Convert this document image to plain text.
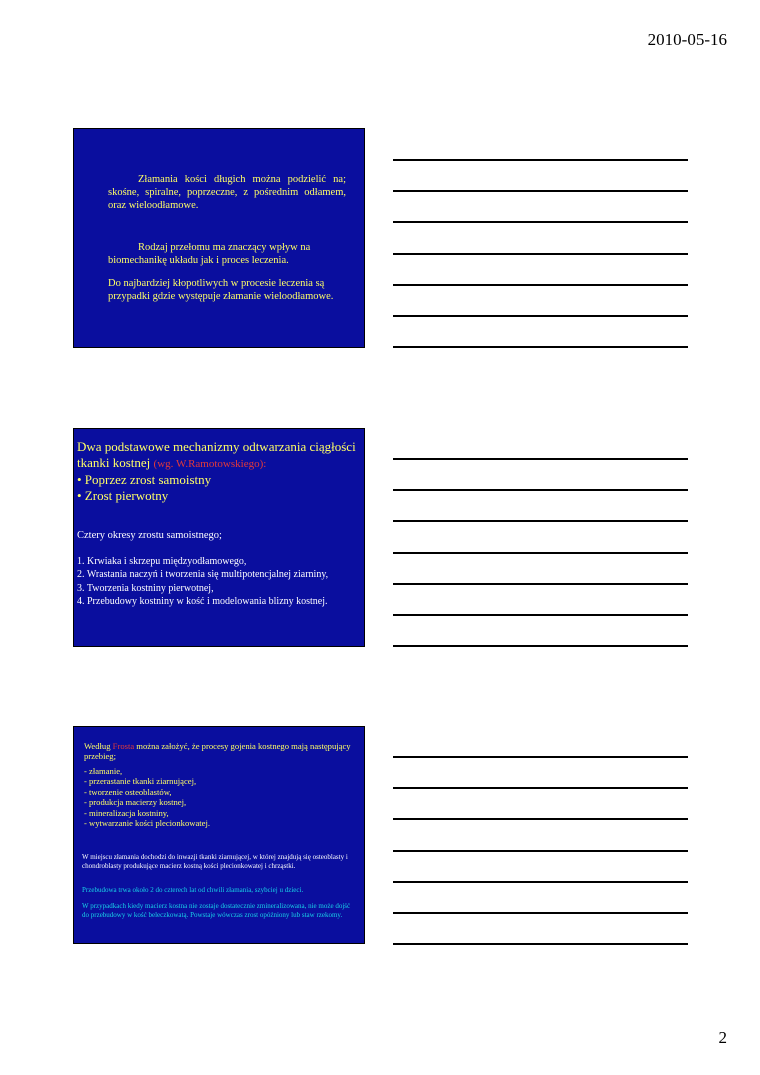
2010-05-16

Złamania kości długich można podzielić na; skośne, spiralne, poprzeczne, z pośrednim odłamem, oraz wieloodłamowe.

Rodzaj przełomu ma znaczący wpływ na biomechanikę układu jak i proces leczenia.

Do najbardziej kłopotliwych w procesie leczenia są przypadki gdzie występuje złamanie wieloodłamowe.

Dwa podstawowe mechanizmy odtwarzania ciągłości tkanki kostnej (wg. W.Ramotowskiego):

• Poprzez zrost samoistny

• Zrost pierwotny

Cztery okresy zrostu samoistnego;

1. Krwiaka i skrzepu międzyodłamowego,
2. Wrastania naczyń i tworzenia się multipotencjalnej ziarniny,
3. Tworzenia kostniny pierwotnej,
4. Przebudowy kostniny w kość i modelowania blizny kostnej.

Według Frosta można założyć, że procesy gojenia kostnego mają następujący przebieg;

- złamanie,
- przerastanie tkanki ziarnującej,
- tworzenie osteoblastów,
- produkcja macierzy kostnej,
- mineralizacja kostniny,
- wytwarzanie kości plecionkowatej.

W miejscu złamania dochodzi do inwazji tkanki ziarnującej, w której znajdują się osteoblasty i chondroblasty produkujące macierz kostną kości plecionkowatej i chrząstki.

Przebudowa trwa około 2 do czterech lat od chwili złamania, szybciej u dzieci.

W przypadkach kiedy macierz kostna nie zostaje dostatecznie zmineralizowana, nie może dojść do przebudowy w kość beleczkowatą. Powstaje wówczas zrost opóźniony lub staw rzekomy.

2
